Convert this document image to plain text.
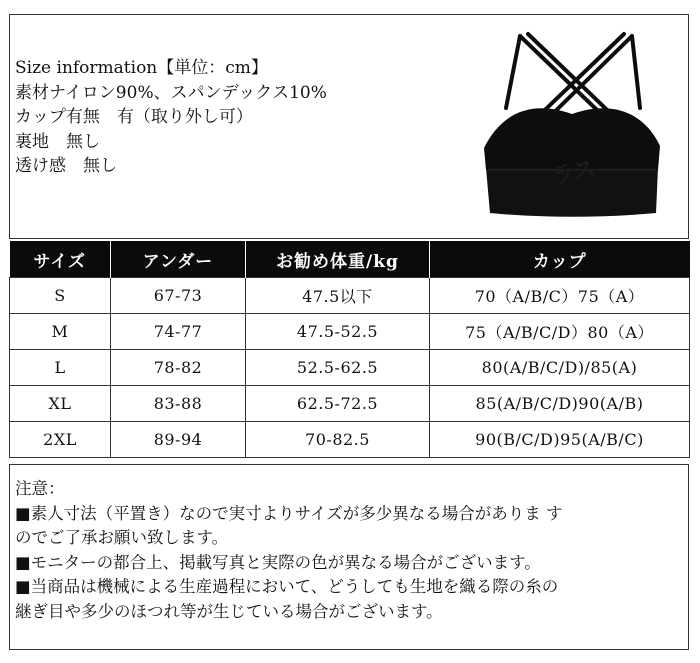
Size information【単位：cm】
素材ナイロン90%、スパンデックス10%
カップ有無　有（取り外し可）
裏地　無し
透け感　無し	ラス
サイズ	アンダー	お勧め体重/kg	カップ
S	67-73	47.5以下	70（A/B/C）75（A）
M	74-77	47.5-52.5	75（A/B/C/D）80（A）
L	78-82	52.5-62.5	80(A/B/C/D)/85(A)
XL	83-88	62.5-72.5	85(A/B/C/D)90(A/B)
2XL	89-94	70-82.5	90(B/C/D)95(A/B/C)
注意：
■素人寸法（平置き）なので実寸よりサイズが多少異なる場合がありま す
のでご了承お願い致します。
■モニターの都合上、掲載写真と実際の色が異なる場合がございます。
■当商品は機械による生産過程において、どうしても生地を織る際の糸の
継ぎ目や多少のほつれ等が生じている場合がございます。
